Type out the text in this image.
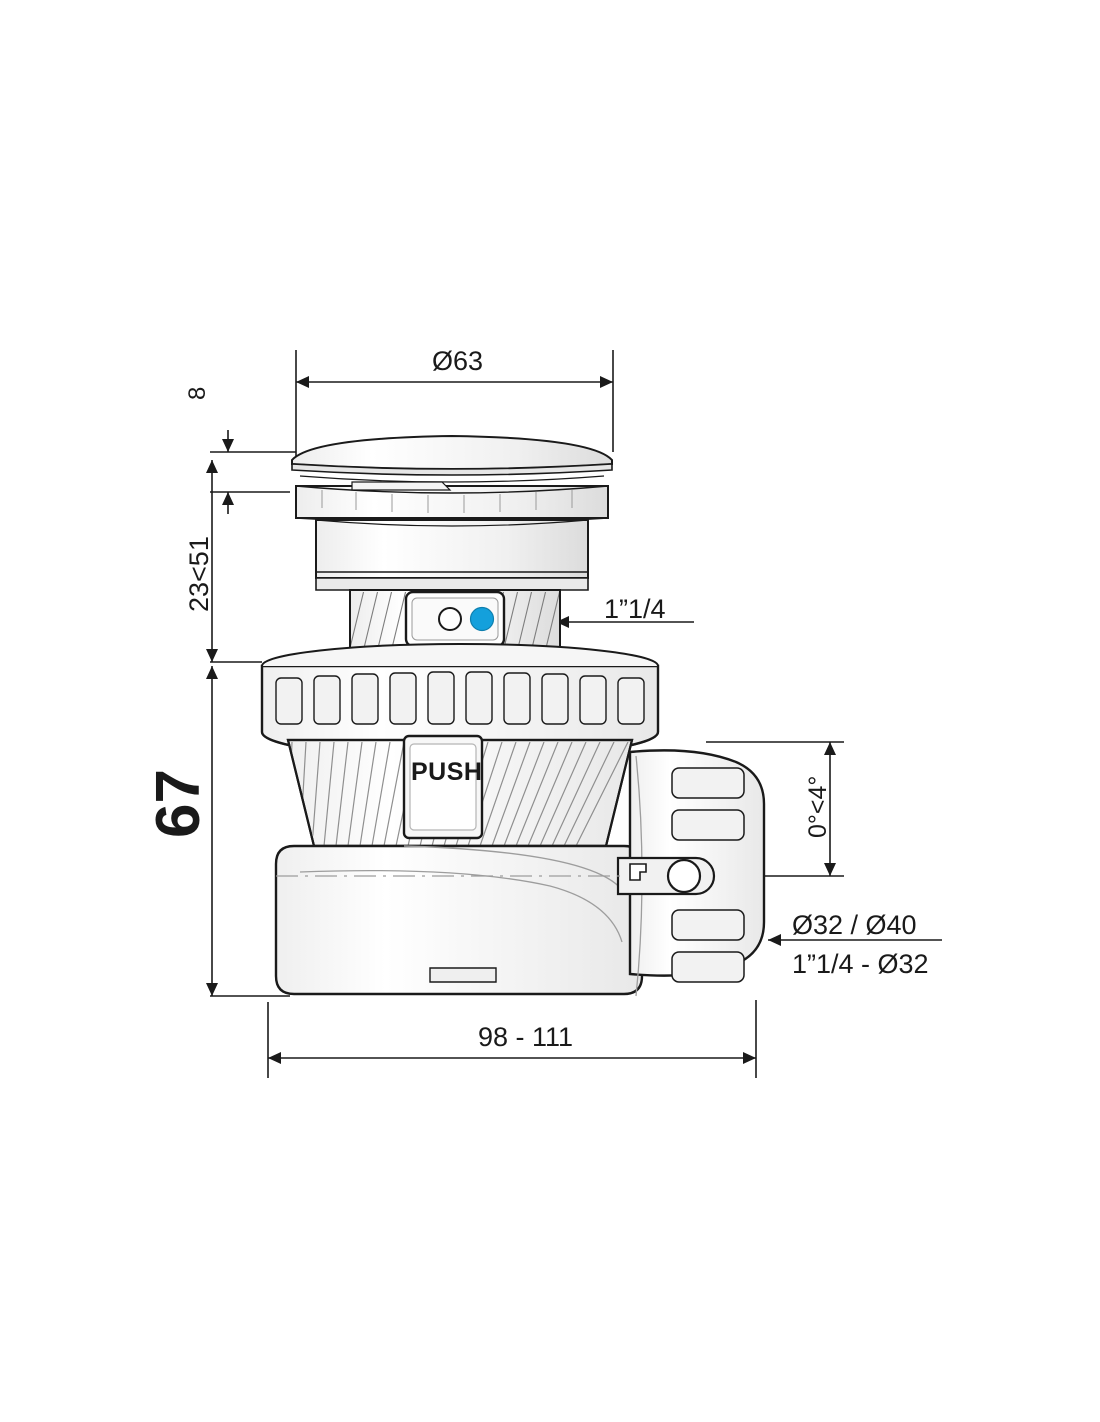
Ø63
8
23<51
67
1”1/4
0°<4°
Ø32 / Ø40
1”1/4 - Ø32
98 - 111
PUSH
